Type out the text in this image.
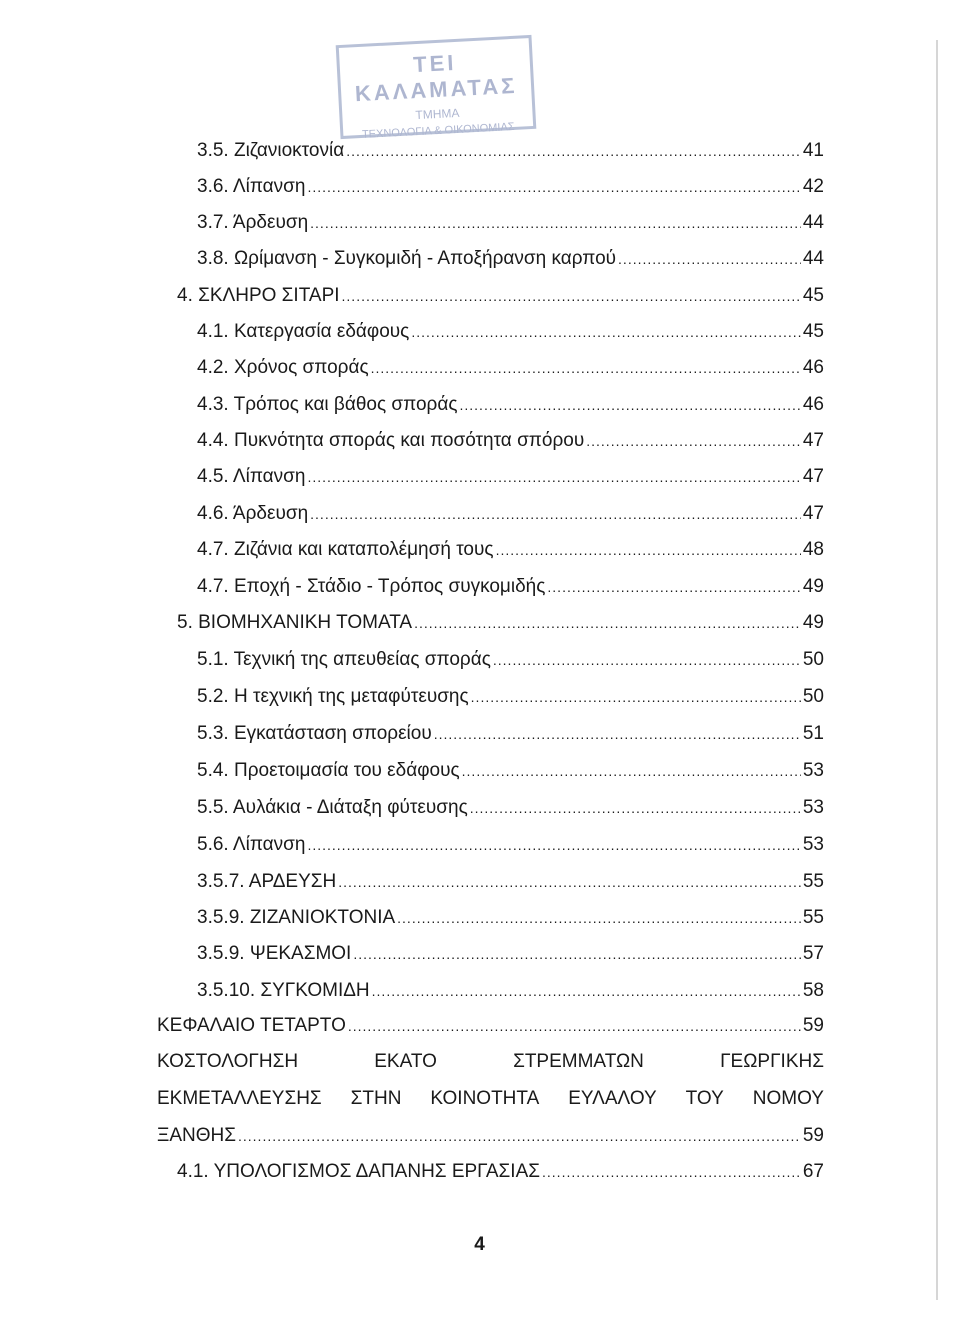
ΤΕΙ ΚΑΛΑΜΑΤΑΣ
ΤΜΗΜΑ
ΤΕΧΝΟΛΟΓΙΑ & ΟΙΚΟΝΟΜΙΑΣ
3.5. Ζιζανιοκτονία .....	41
3.6. Λίπανση .....	42
3.7. Άρδευση .....	44
3.8. Ωρίμανση - Συγκομιδή - Αποξήρανση καρπού .....	44
4. ΣΚΛΗΡΟ ΣΙΤΑΡΙ .....	45
4.1. Κατεργασία εδάφους .....	45
4.2. Χρόνος σποράς .....	46
4.3. Τρόπος και βάθος σποράς .....	46
4.4. Πυκνότητα σποράς και ποσότητα σπόρου .....	47
4.5. Λίπανση .....	47
4.6. Άρδευση .....	47
4.7. Ζιζάνια και καταπολέμησή τους .....	48
4.7. Εποχή - Στάδιο - Τρόπος συγκομιδής .....	49
5. ΒΙΟΜΗΧΑΝΙΚΗ ΤΟΜΑΤΑ .....	49
5.1. Τεχνική της απευθείας σποράς .....	50
5.2. Η τεχνική της μεταφύτευσης .....	50
5.3. Εγκατάσταση σπορείου .....	51
5.4. Προετοιμασία του εδάφους .....	53
5.5. Αυλάκια - Διάταξη φύτευσης .....	53
5.6. Λίπανση .....	53
3.5.7. ΑΡΔΕΥΣΗ .....	55
3.5.9. ΖΙΖΑΝΙΟΚΤΟΝΙΑ .....	55
3.5.9. ΨΕΚΑΣΜΟΙ .....	57
3.5.10. ΣΥΓΚΟΜΙΔΗ .....	58
ΚΕΦΑΛΑΙΟ ΤΕΤΑΡΤΟ .....	59
ΚΟΣΤΟΛΟΓΗΣΗ	ΕΚΑΤΟ	ΣΤΡΕΜΜΑΤΩΝ	ΓΕΩΡΓΙΚΗΣ
ΕΚΜΕΤΑΛΛΕΥΣΗΣ ΣΤΗΝ ΚΟΙΝΟΤΗΤΑ ΕΥΛΑΛΟΥ ΤΟΥ ΝΟΜΟΥ
ΞΑΝΘΗΣ .....	59
4.1. ΥΠΟΛΟΓΙΣΜΟΣ ΔΑΠΑΝΗΣ ΕΡΓΑΣΙΑΣ .....	67
4
